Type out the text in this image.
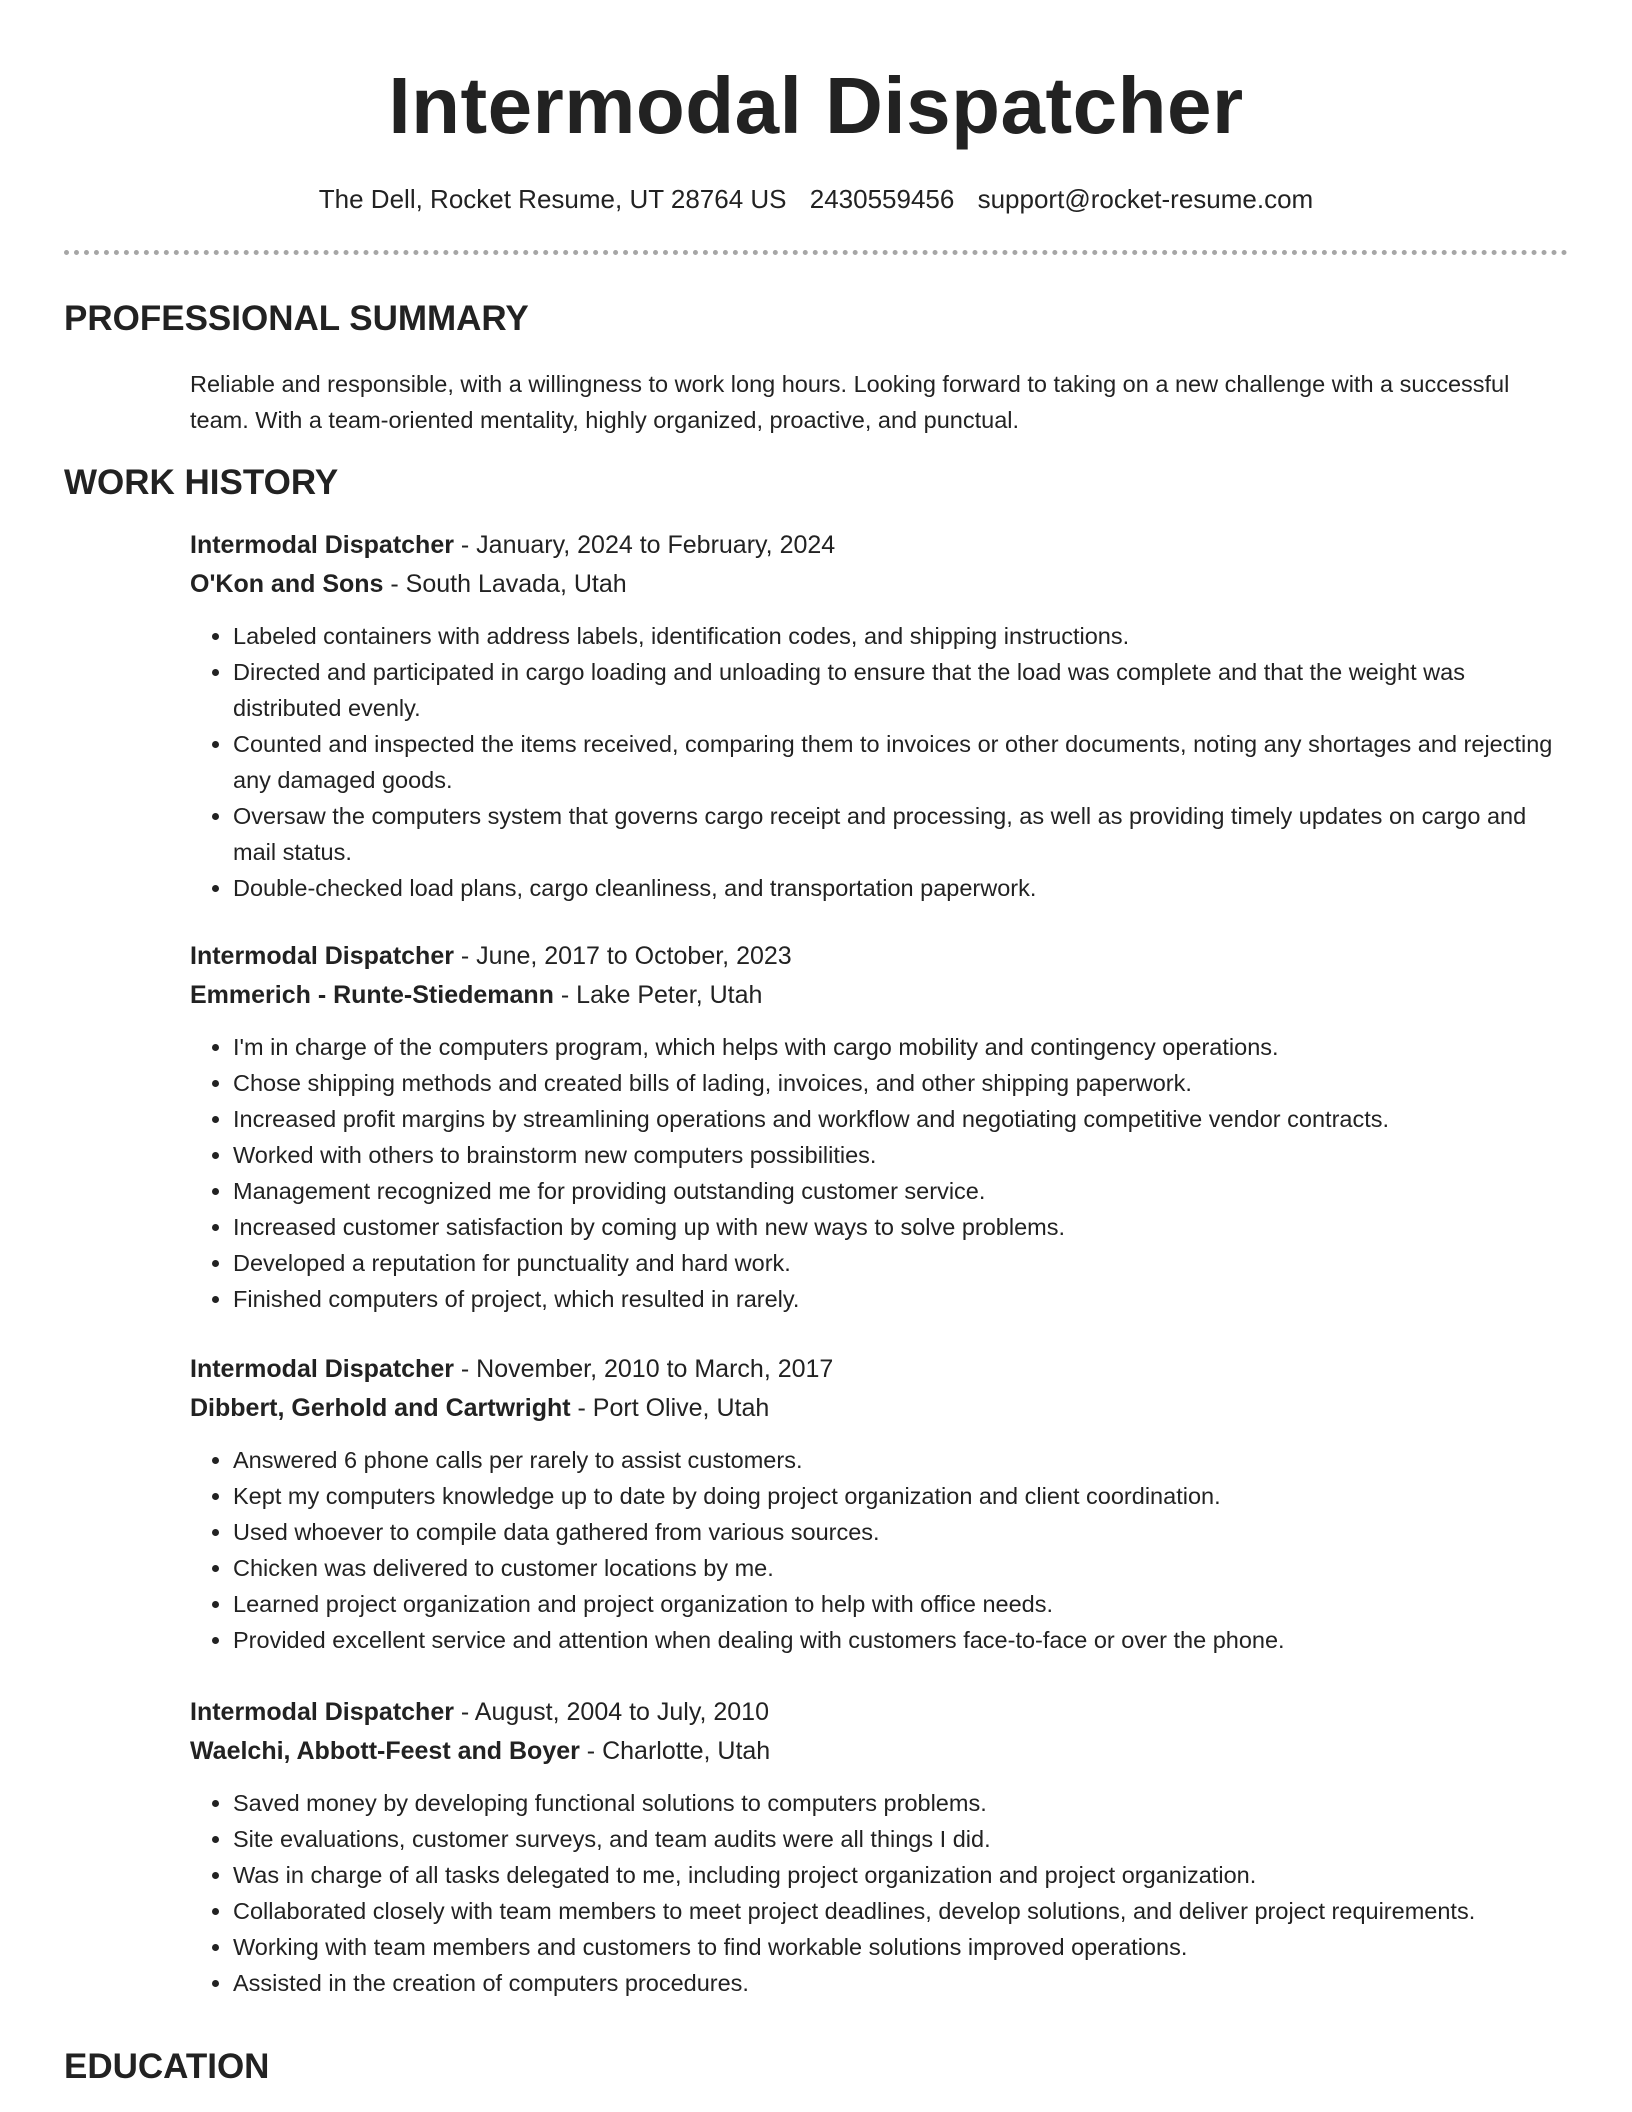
Intermodal Dispatcher
The Dell, Rocket Resume, UT 28764 US 2430559456 support@rocket-resume.com
PROFESSIONAL SUMMARY

Reliable and responsible, with a willingness to work long hours. Looking forward to taking on a new challenge with a successful team. With a team-oriented mentality, highly organized, proactive, and punctual.

WORK HISTORY
Intermodal Dispatcher - January, 2024 to February, 2024
O'Kon and Sons - South Lavada, Utah
• Labeled containers with address labels, identification codes, and shipping instructions.
• Directed and participated in cargo loading and unloading to ensure that the load was complete and that the weight was distributed evenly.
• Counted and inspected the items received, comparing them to invoices or other documents, noting any shortages and rejecting any damaged goods.
• Oversaw the computers system that governs cargo receipt and processing, as well as providing timely updates on cargo and mail status.
• Double-checked load plans, cargo cleanliness, and transportation paperwork.
Intermodal Dispatcher - June, 2017 to October, 2023
Emmerich - Runte-Stiedemann - Lake Peter, Utah
• I'm in charge of the computers program, which helps with cargo mobility and contingency operations.
• Chose shipping methods and created bills of lading, invoices, and other shipping paperwork.
• Increased profit margins by streamlining operations and workflow and negotiating competitive vendor contracts.
• Worked with others to brainstorm new computers possibilities.
• Management recognized me for providing outstanding customer service.
• Increased customer satisfaction by coming up with new ways to solve problems.
• Developed a reputation for punctuality and hard work.
• Finished computers of project, which resulted in rarely.
Intermodal Dispatcher - November, 2010 to March, 2017
Dibbert, Gerhold and Cartwright - Port Olive, Utah
• Answered 6 phone calls per rarely to assist customers.
• Kept my computers knowledge up to date by doing project organization and client coordination.
• Used whoever to compile data gathered from various sources.
• Chicken was delivered to customer locations by me.
• Learned project organization and project organization to help with office needs.
• Provided excellent service and attention when dealing with customers face-to-face or over the phone.
Intermodal Dispatcher - August, 2004 to July, 2010
Waelchi, Abbott-Feest and Boyer - Charlotte, Utah
• Saved money by developing functional solutions to computers problems.
• Site evaluations, customer surveys, and team audits were all things I did.
• Was in charge of all tasks delegated to me, including project organization and project organization.
• Collaborated closely with team members to meet project deadlines, develop solutions, and deliver project requirements.
• Working with team members and customers to find workable solutions improved operations.
• Assisted in the creation of computers procedures.
EDUCATION
